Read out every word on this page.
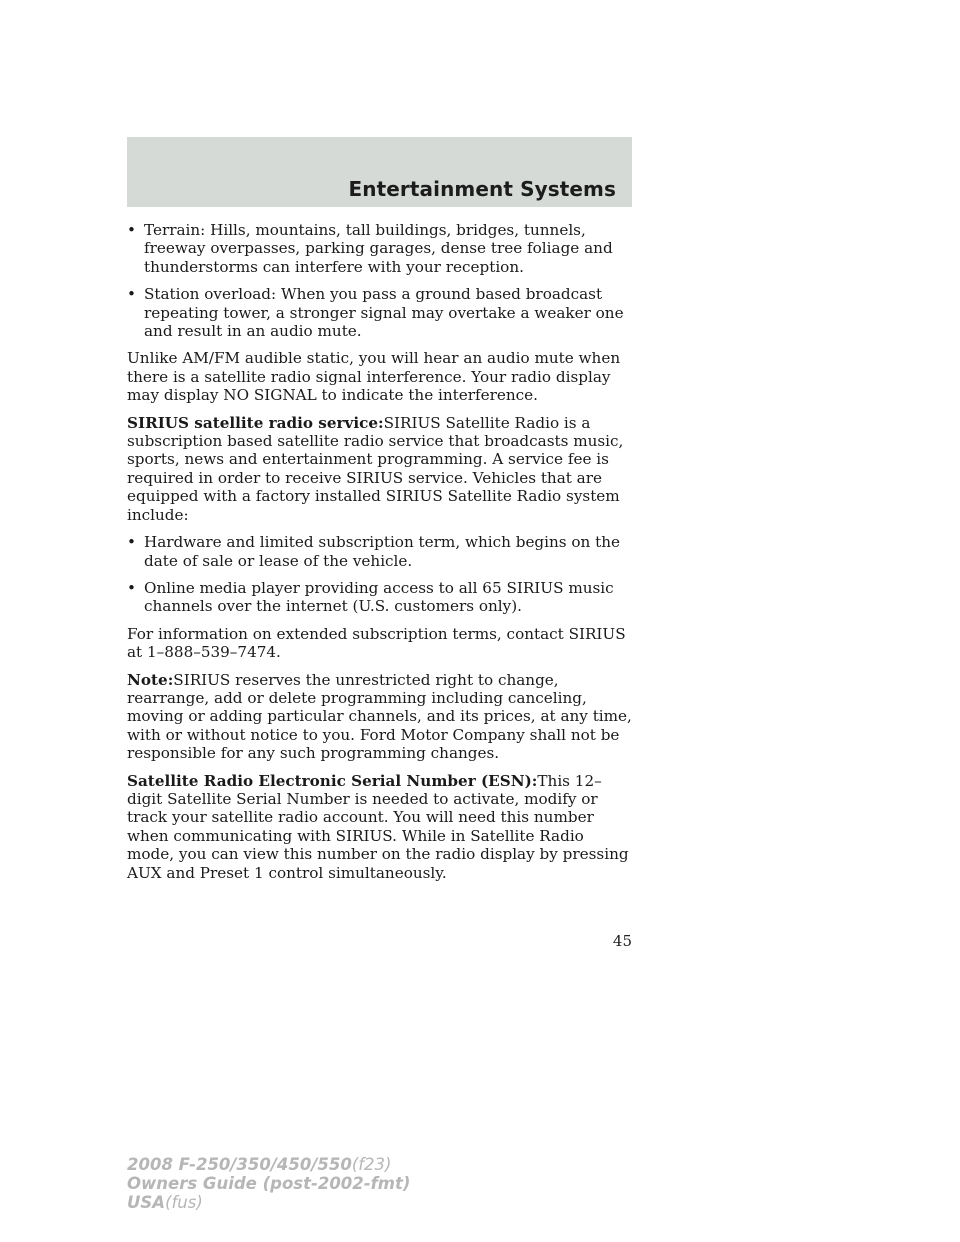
Entertainment Systems
• Terrain: Hills, mountains, tall buildings, bridges, tunnels, freeway overpasses, parking garages, dense tree foliage and thunderstorms can interfere with your reception.
• Station overload: When you pass a ground based broadcast repeating tower, a stronger signal may overtake a weaker one and result in an audio mute.

Unlike AM/FM audible static, you will hear an audio mute when there is a satellite radio signal interference. Your radio display may display NO SIGNAL to indicate the interference.

SIRIUS satellite radio service:SIRIUS Satellite Radio is a subscription based satellite radio service that broadcasts music, sports, news and entertainment programming. A service fee is required in order to receive SIRIUS service. Vehicles that are equipped with a factory installed SIRIUS Satellite Radio system include:

• Hardware and limited subscription term, which begins on the date of sale or lease of the vehicle.
• Online media player providing access to all 65 SIRIUS music channels over the internet (U.S. customers only).

For information on extended subscription terms, contact SIRIUS at 1–888–539–7474.

Note:SIRIUS reserves the unrestricted right to change, rearrange, add or delete programming including canceling, moving or adding particular channels, and its prices, at any time, with or without notice to you. Ford Motor Company shall not be responsible for any such programming changes.

Satellite Radio Electronic Serial Number (ESN):This 12–digit Satellite Serial Number is needed to activate, modify or track your satellite radio account. You will need this number when communicating with SIRIUS. While in Satellite Radio mode, you can view this number on the radio display by pressing AUX and Preset 1 control simultaneously.

45
2008 F-250/350/450/550(f23)
Owners Guide (post-2002-fmt)
USA(fus)
